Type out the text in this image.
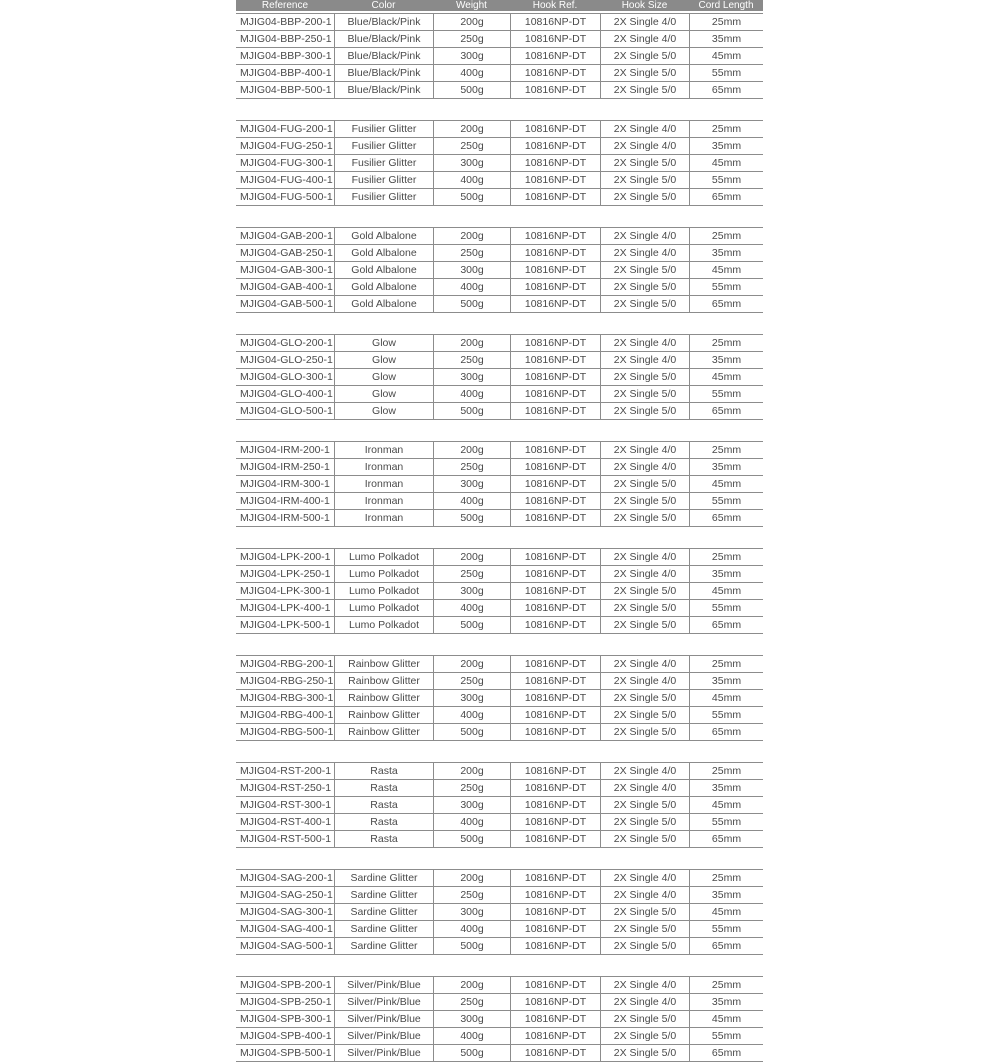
Reference	Color	Weight	Hook Ref.	Hook Size	Cord Length
MJIG04-BBP-200-1	Blue/Black/Pink	200g	10816NP-DT	2X Single 4/0	25mm
MJIG04-BBP-250-1	Blue/Black/Pink	250g	10816NP-DT	2X Single 4/0	35mm
MJIG04-BBP-300-1	Blue/Black/Pink	300g	10816NP-DT	2X Single 5/0	45mm
MJIG04-BBP-400-1	Blue/Black/Pink	400g	10816NP-DT	2X Single 5/0	55mm
MJIG04-BBP-500-1	Blue/Black/Pink	500g	10816NP-DT	2X Single 5/0	65mm
MJIG04-FUG-200-1	Fusilier Glitter	200g	10816NP-DT	2X Single 4/0	25mm
MJIG04-FUG-250-1	Fusilier Glitter	250g	10816NP-DT	2X Single 4/0	35mm
MJIG04-FUG-300-1	Fusilier Glitter	300g	10816NP-DT	2X Single 5/0	45mm
MJIG04-FUG-400-1	Fusilier Glitter	400g	10816NP-DT	2X Single 5/0	55mm
MJIG04-FUG-500-1	Fusilier Glitter	500g	10816NP-DT	2X Single 5/0	65mm
MJIG04-GAB-200-1	Gold Albalone	200g	10816NP-DT	2X Single 4/0	25mm
MJIG04-GAB-250-1	Gold Albalone	250g	10816NP-DT	2X Single 4/0	35mm
MJIG04-GAB-300-1	Gold Albalone	300g	10816NP-DT	2X Single 5/0	45mm
MJIG04-GAB-400-1	Gold Albalone	400g	10816NP-DT	2X Single 5/0	55mm
MJIG04-GAB-500-1	Gold Albalone	500g	10816NP-DT	2X Single 5/0	65mm
MJIG04-GLO-200-1	Glow	200g	10816NP-DT	2X Single 4/0	25mm
MJIG04-GLO-250-1	Glow	250g	10816NP-DT	2X Single 4/0	35mm
MJIG04-GLO-300-1	Glow	300g	10816NP-DT	2X Single 5/0	45mm
MJIG04-GLO-400-1	Glow	400g	10816NP-DT	2X Single 5/0	55mm
MJIG04-GLO-500-1	Glow	500g	10816NP-DT	2X Single 5/0	65mm
MJIG04-IRM-200-1	Ironman	200g	10816NP-DT	2X Single 4/0	25mm
MJIG04-IRM-250-1	Ironman	250g	10816NP-DT	2X Single 4/0	35mm
MJIG04-IRM-300-1	Ironman	300g	10816NP-DT	2X Single 5/0	45mm
MJIG04-IRM-400-1	Ironman	400g	10816NP-DT	2X Single 5/0	55mm
MJIG04-IRM-500-1	Ironman	500g	10816NP-DT	2X Single 5/0	65mm
MJIG04-LPK-200-1	Lumo Polkadot	200g	10816NP-DT	2X Single 4/0	25mm
MJIG04-LPK-250-1	Lumo Polkadot	250g	10816NP-DT	2X Single 4/0	35mm
MJIG04-LPK-300-1	Lumo Polkadot	300g	10816NP-DT	2X Single 5/0	45mm
MJIG04-LPK-400-1	Lumo Polkadot	400g	10816NP-DT	2X Single 5/0	55mm
MJIG04-LPK-500-1	Lumo Polkadot	500g	10816NP-DT	2X Single 5/0	65mm
MJIG04-RBG-200-1	Rainbow Glitter	200g	10816NP-DT	2X Single 4/0	25mm
MJIG04-RBG-250-1	Rainbow Glitter	250g	10816NP-DT	2X Single 4/0	35mm
MJIG04-RBG-300-1	Rainbow Glitter	300g	10816NP-DT	2X Single 5/0	45mm
MJIG04-RBG-400-1	Rainbow Glitter	400g	10816NP-DT	2X Single 5/0	55mm
MJIG04-RBG-500-1	Rainbow Glitter	500g	10816NP-DT	2X Single 5/0	65mm
MJIG04-RST-200-1	Rasta	200g	10816NP-DT	2X Single 4/0	25mm
MJIG04-RST-250-1	Rasta	250g	10816NP-DT	2X Single 4/0	35mm
MJIG04-RST-300-1	Rasta	300g	10816NP-DT	2X Single 5/0	45mm
MJIG04-RST-400-1	Rasta	400g	10816NP-DT	2X Single 5/0	55mm
MJIG04-RST-500-1	Rasta	500g	10816NP-DT	2X Single 5/0	65mm
MJIG04-SAG-200-1	Sardine Glitter	200g	10816NP-DT	2X Single 4/0	25mm
MJIG04-SAG-250-1	Sardine Glitter	250g	10816NP-DT	2X Single 4/0	35mm
MJIG04-SAG-300-1	Sardine Glitter	300g	10816NP-DT	2X Single 5/0	45mm
MJIG04-SAG-400-1	Sardine Glitter	400g	10816NP-DT	2X Single 5/0	55mm
MJIG04-SAG-500-1	Sardine Glitter	500g	10816NP-DT	2X Single 5/0	65mm
MJIG04-SPB-200-1	Silver/Pink/Blue	200g	10816NP-DT	2X Single 4/0	25mm
MJIG04-SPB-250-1	Silver/Pink/Blue	250g	10816NP-DT	2X Single 4/0	35mm
MJIG04-SPB-300-1	Silver/Pink/Blue	300g	10816NP-DT	2X Single 5/0	45mm
MJIG04-SPB-400-1	Silver/Pink/Blue	400g	10816NP-DT	2X Single 5/0	55mm
MJIG04-SPB-500-1	Silver/Pink/Blue	500g	10816NP-DT	2X Single 5/0	65mm
